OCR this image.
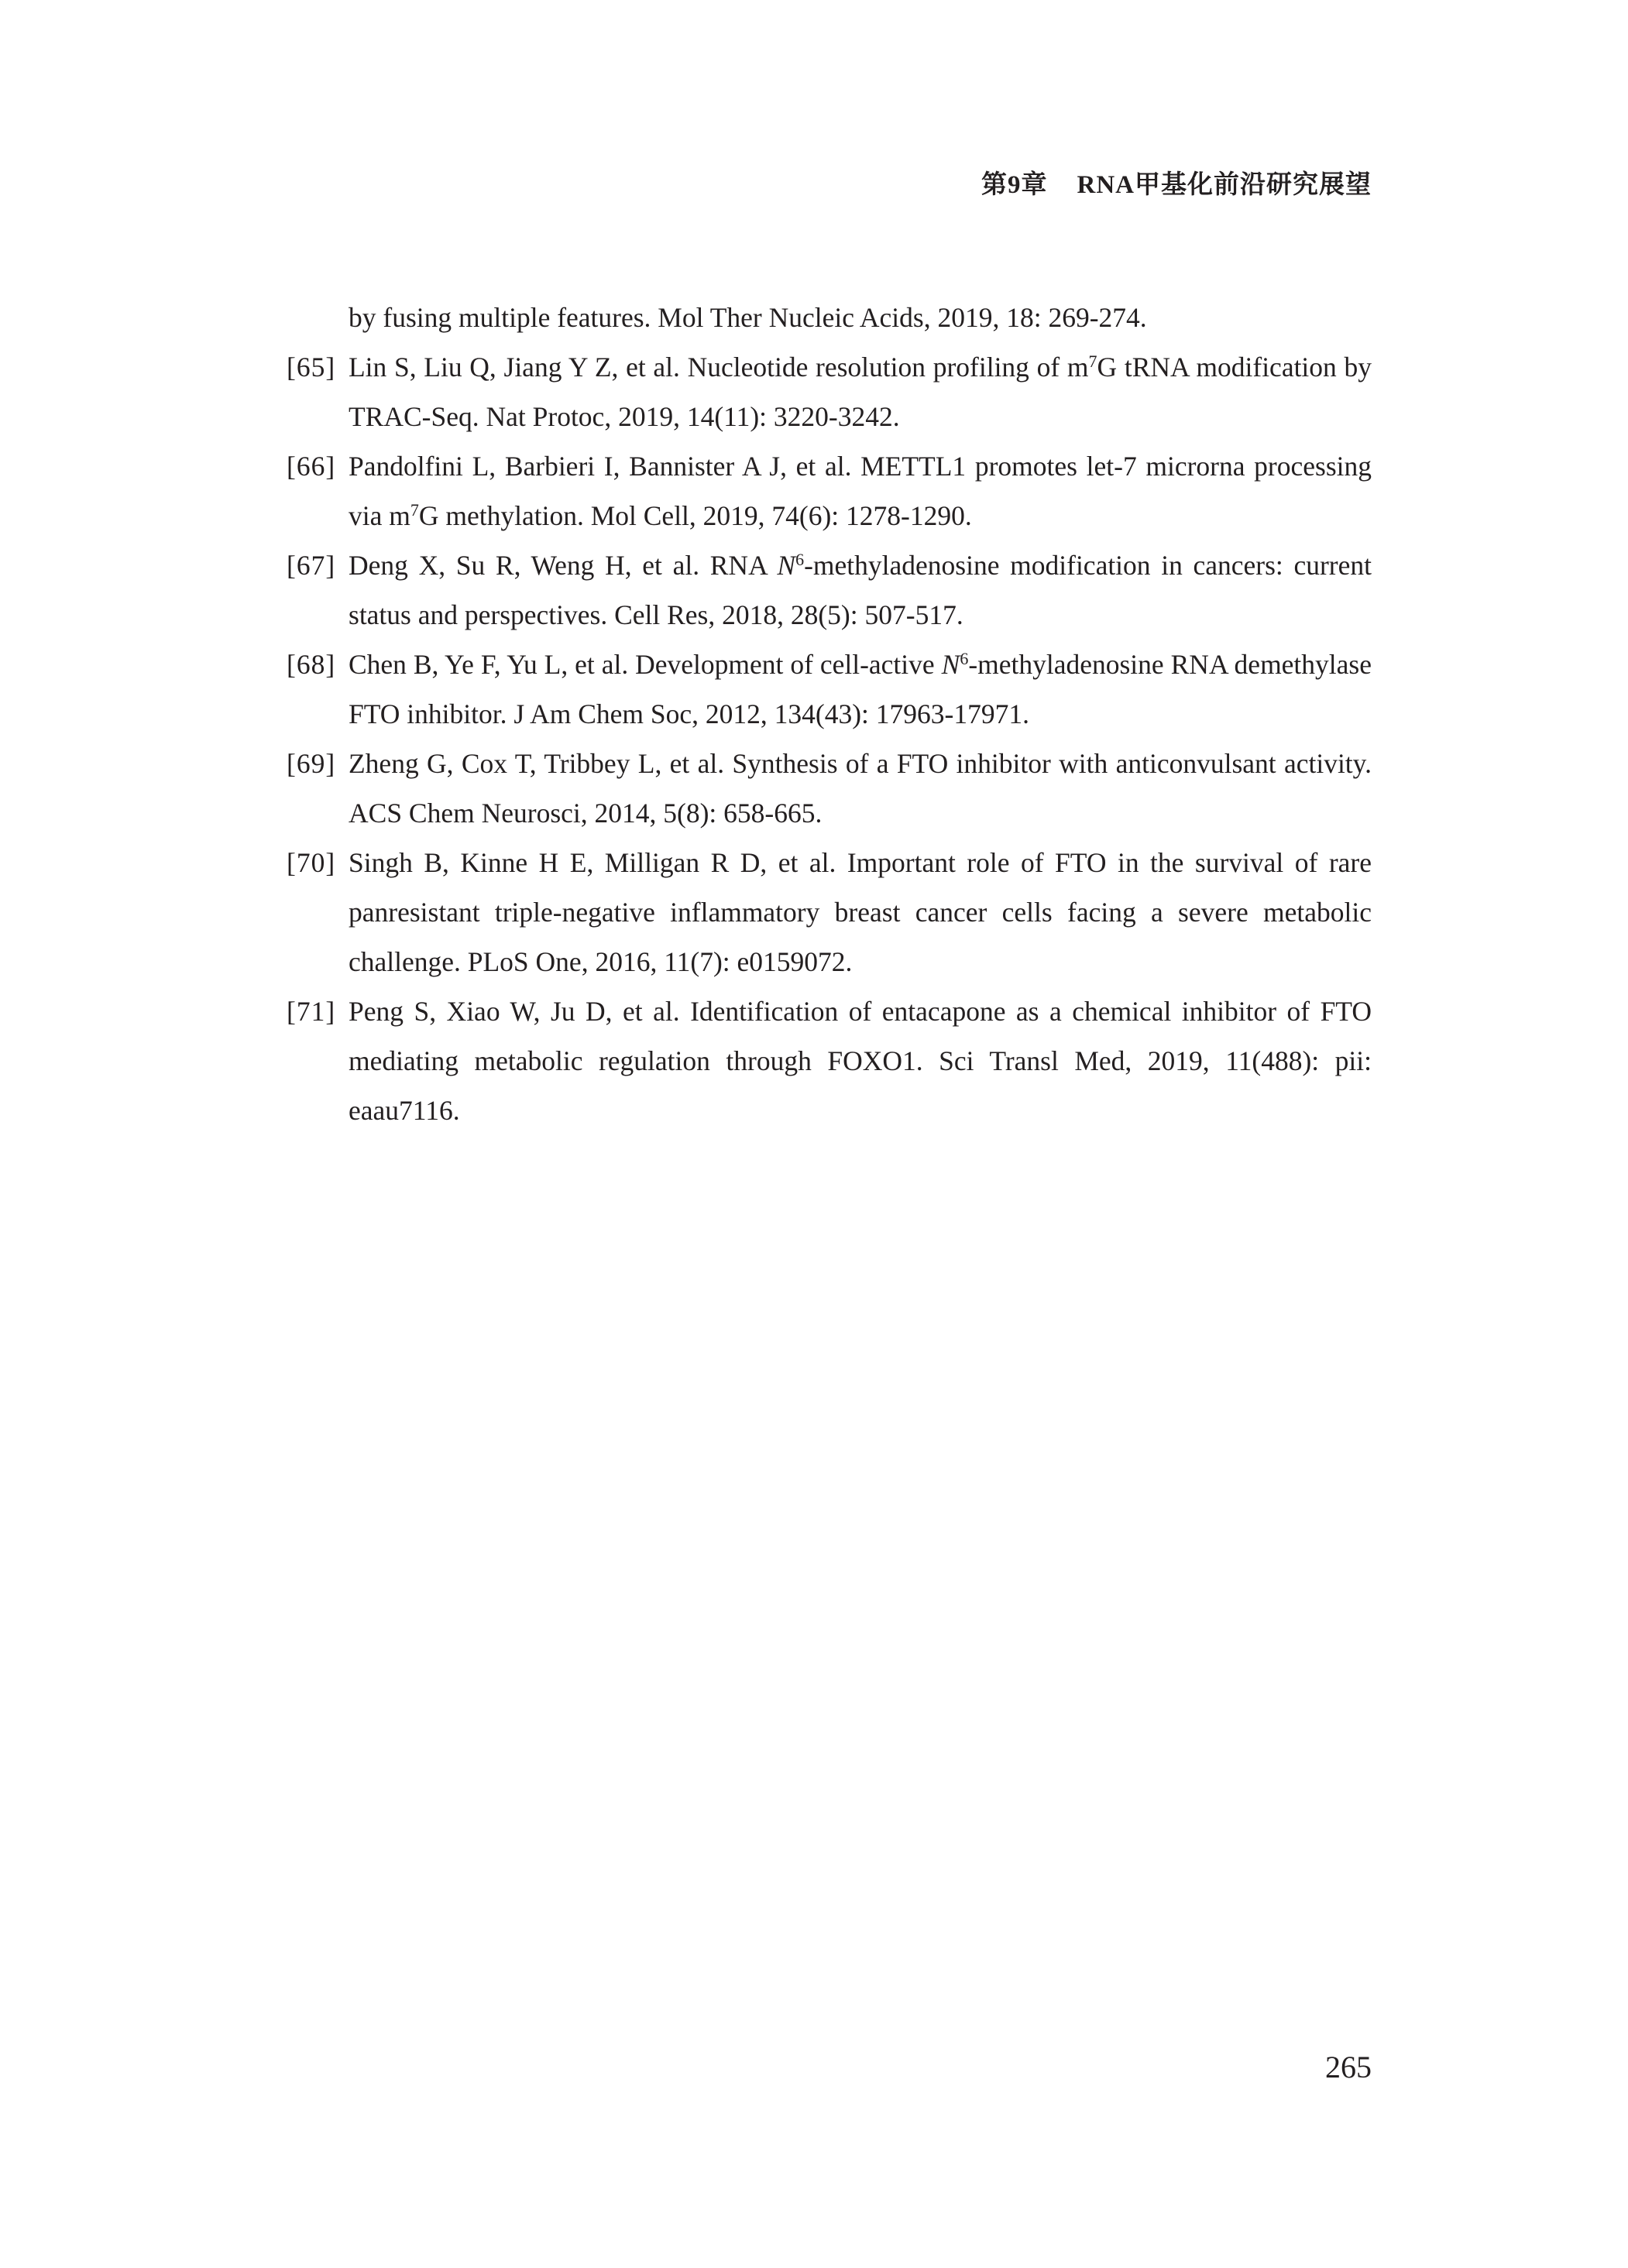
第9章 RNA甲基化前沿研究展望
by fusing multiple features. Mol Ther Nucleic Acids, 2019, 18: 269-274.
[65] Lin S, Liu Q, Jiang Y Z, et al. Nucleotide resolution profiling of $m^7G$ tRNA modification by TRAC-Seq. Nat Protoc, 2019, 14(11): 3220-3242.
[66] Pandolfini L, Barbieri I, Bannister A J, et al. METTL1 promotes let-7 microrna processing via $m^7G$ methylation. Mol Cell, 2019, 74(6): 1278-1290.
[67] Deng X, Su R, Weng H, et al. RNA $N^6$-methyladenosine modification in cancers: current status and perspectives. Cell Res, 2018, 28(5): 507-517.
[68] Chen B, Ye F, Yu L, et al. Development of cell-active $N^6$-methyladenosine RNA demethylase FTO inhibitor. J Am Chem Soc, 2012, 134(43): 17963-17971.
[69] Zheng G, Cox T, Tribbey L, et al. Synthesis of a FTO inhibitor with anticonvulsant activity. ACS Chem Neurosci, 2014, 5(8): 658-665.
[70] Singh B, Kinne H E, Milligan R D, et al. Important role of FTO in the survival of rare panresistant triple-negative inflammatory breast cancer cells facing a severe metabolic challenge. PLoS One, 2016, 11(7): e0159072.
[71] Peng S, Xiao W, Ju D, et al. Identification of entacapone as a chemical inhibitor of FTO mediating metabolic regulation through FOXO1. Sci Transl Med, 2019, 11(488): pii: eaau7116.
265
